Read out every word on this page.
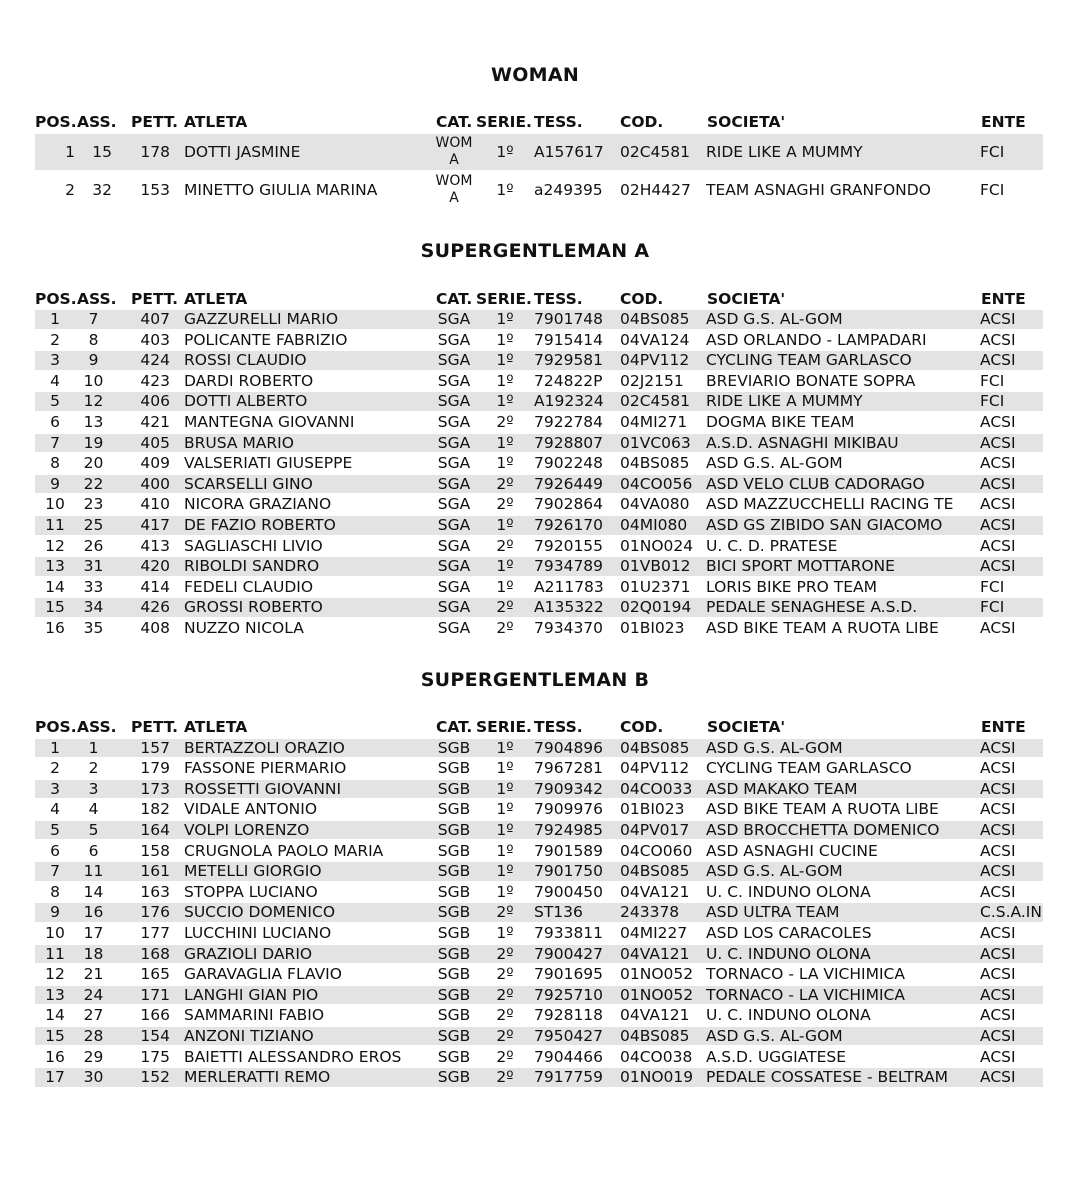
WOMAN
POS. ASS. PETT. ATLETA	CAT. SERIE. TESS. COD.	SOCIETA'	ENTE
1	15	178 DOTTI JASMINE	WOM
A	1º	A157617	02C4581	RIDE LIKE A MUMMY	FCI
2	32	153 MINETTO GIULIA MARINA	WOM
A	1º	a249395	02H4427 TEAM ASNAGHI GRANFONDO	FCI
SUPERGENTLEMAN A
POS. ASS. PETT. ATLETA	CAT. SERIE. TESS. COD.	SOCIETA'	ENTE
1	7	407 GAZZURELLI MARIO	SGA	1º	7901748	04BS085	ASD G.S. AL-GOM	ACSI
2	8	403 POLICANTE FABRIZIO	SGA	1º	7915414	04VA124	ASD ORLANDO - LAMPADARI	ACSI
3	9	424 ROSSI CLAUDIO	SGA	1º	7929581	04PV112	CYCLING TEAM GARLASCO	ACSI
4	10	423 DARDI ROBERTO	SGA	1º	724822P	02J2151	BREVIARIO BONATE SOPRA	FCI
5	12	406 DOTTI ALBERTO	SGA	1º	A192324	02C4581	RIDE LIKE A MUMMY	FCI
6	13	421 MANTEGNA GIOVANNI	SGA	2º	7922784	04MI271	DOGMA BIKE TEAM	ACSI
7	19	405 BRUSA MARIO	SGA	1º	7928807	01VC063 A.S.D. ASNAGHI MIKIBAU	ACSI
8	20	409 VALSERIATI GIUSEPPE	SGA	1º	7902248	04BS085	ASD G.S. AL-GOM	ACSI
9	22	400 SCARSELLI GINO	SGA	2º	7926449	04CO056 ASD VELO CLUB CADORAGO	ACSI
10	23	410 NICORA GRAZIANO	SGA	2º	7902864	04VA080	ASD MAZZUCCHELLI RACING TE	ACSI
11	25	417 DE FAZIO ROBERTO	SGA	1º	7926170	04MI080	ASD GS ZIBIDO SAN GIACOMO	ACSI
12	26	413 SAGLIASCHI LIVIO	SGA	2º	7920155	01NO024 U. C. D. PRATESE	ACSI
13	31	420 RIBOLDI SANDRO	SGA	1º	7934789	01VB012 BICI SPORT MOTTARONE	ACSI
14	33	414 FEDELI CLAUDIO	SGA	1º	A211783	01U2371 LORIS BIKE PRO TEAM	FCI
15	34	426 GROSSI ROBERTO	SGA	2º	A135322	02Q0194 PEDALE SENAGHESE A.S.D.	FCI
16	35	408 NUZZO NICOLA	SGA	2º	7934370	01BI023	ASD BIKE TEAM A RUOTA LIBE	ACSI
SUPERGENTLEMAN B
POS. ASS. PETT. ATLETA	CAT. SERIE. TESS. COD.	SOCIETA'	ENTE
1	1	157 BERTAZZOLI ORAZIO	SGB	1º	7904896	04BS085	ASD G.S. AL-GOM	ACSI
2	2	179 FASSONE PIERMARIO	SGB	1º	7967281	04PV112	CYCLING TEAM GARLASCO	ACSI
3	3	173 ROSSETTI GIOVANNI	SGB	1º	7909342	04CO033 ASD MAKAKO TEAM	ACSI
4	4	182 VIDALE ANTONIO	SGB	1º	7909976	01BI023	ASD BIKE TEAM A RUOTA LIBE	ACSI
5	5	164 VOLPI LORENZO	SGB	1º	7924985	04PV017	ASD BROCCHETTA DOMENICO	ACSI
6	6	158 CRUGNOLA PAOLO MARIA	SGB	1º	7901589	04CO060 ASD ASNAGHI CUCINE	ACSI
7	11	161 METELLI GIORGIO	SGB	1º	7901750	04BS085	ASD G.S. AL-GOM	ACSI
8	14	163 STOPPA LUCIANO	SGB	1º	7900450	04VA121	U. C. INDUNO OLONA	ACSI
9	16	176 SUCCIO DOMENICO	SGB	2º	ST136	243378	ASD ULTRA TEAM	C.S.A.IN
10	17	177 LUCCHINI LUCIANO	SGB	1º	7933811	04MI227	ASD LOS CARACOLES	ACSI
11	18	168 GRAZIOLI DARIO	SGB	2º	7900427	04VA121	U. C. INDUNO OLONA	ACSI
12	21	165 GARAVAGLIA FLAVIO	SGB	2º	7901695	01NO052 TORNACO - LA VICHIMICA	ACSI
13	24	171 LANGHI GIAN PIO	SGB	2º	7925710	01NO052 TORNACO - LA VICHIMICA	ACSI
14	27	166 SAMMARINI FABIO	SGB	2º	7928118	04VA121	U. C. INDUNO OLONA	ACSI
15	28	154 ANZONI TIZIANO	SGB	2º	7950427	04BS085	ASD G.S. AL-GOM	ACSI
16	29	175 BAIETTI ALESSANDRO EROS	SGB	2º	7904466	04CO038 A.S.D. UGGIATESE	ACSI
17	30	152 MERLERATTI REMO	SGB	2º	7917759	01NO019 PEDALE COSSATESE - BELTRAM	ACSI
